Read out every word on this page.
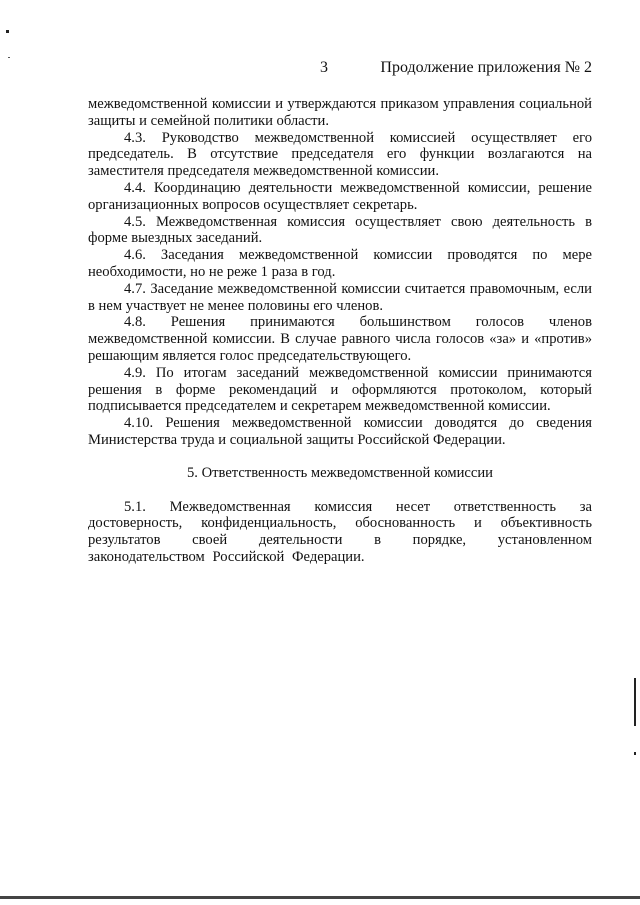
3	Продолжение приложения № 2

межведомственной комиссии и утверждаются приказом управления социальной защиты и семейной политики области.

4.3. Руководство межведомственной комиссией осуществляет его председатель. В отсутствие председателя его функции возлагаются на заместителя председателя межведомственной комиссии.

4.4. Координацию деятельности межведомственной комиссии, решение организационных вопросов осуществляет секретарь.

4.5. Межведомственная комиссия осуществляет свою деятельность в форме выездных заседаний.

4.6. Заседания межведомственной комиссии проводятся по мере необходимости, но не реже 1 раза в год.

4.7. Заседание межведомственной комиссии считается правомочным, если в нем участвует не менее половины его членов.

4.8. Решения принимаются большинством голосов членов межведомственной комиссии. В случае равного числа голосов «за» и «против» решающим является голос председательствующего.

4.9. По итогам заседаний межведомственной комиссии принимаются решения в форме рекомендаций и оформляются протоколом, который подписывается председателем и секретарем межведомственной комиссии.

4.10. Решения межведомственной комиссии доводятся до сведения Министерства труда и социальной защиты Российской Федерации.

5. Ответственность межведомственной комиссии

5.1. Межведомственная комиссия несет ответственность за достоверность, конфиденциальность, обоснованность и объективность результатов своей деятельности в порядке, установленном законодательством Российской Федерации.
